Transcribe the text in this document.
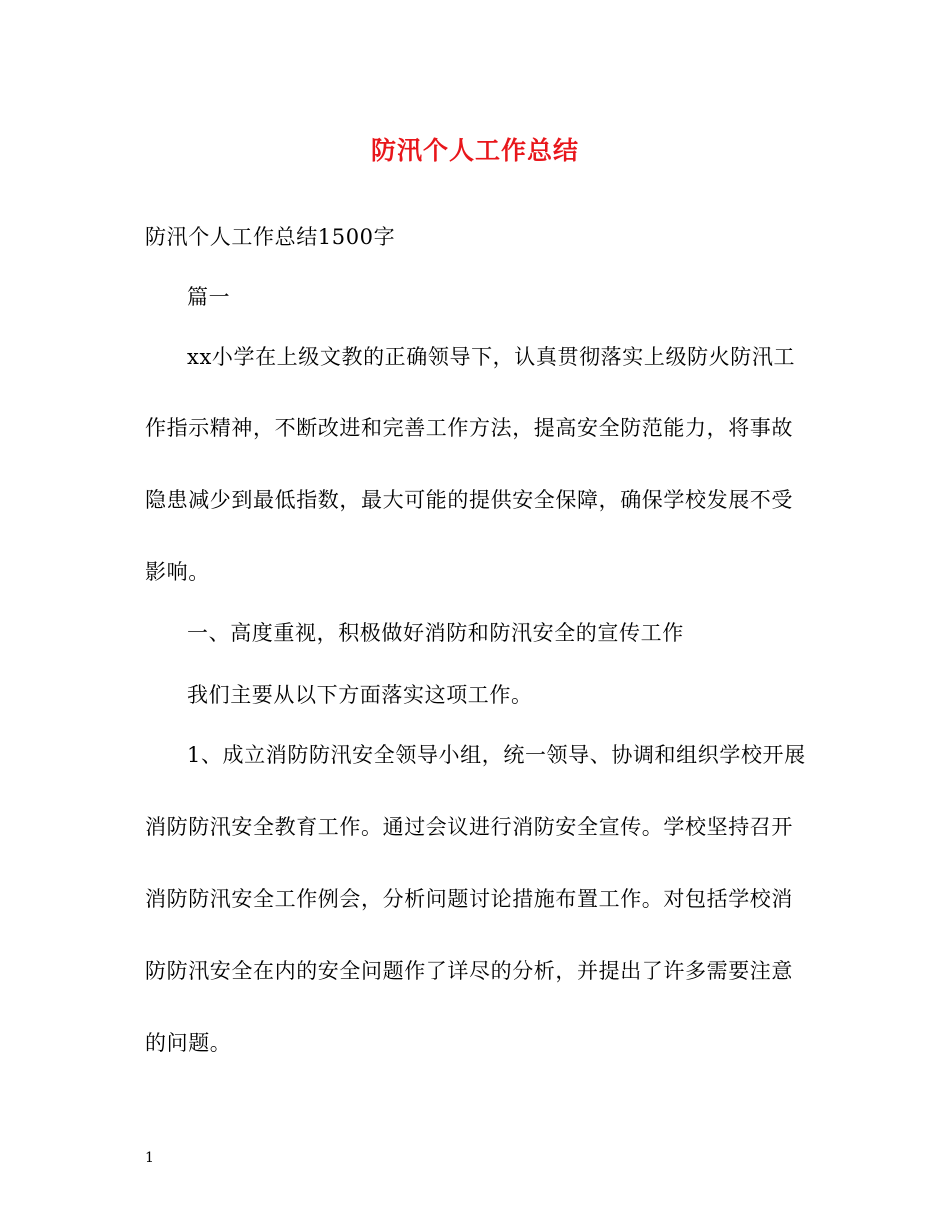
防汛个人工作总结
防汛个人工作总结1500字
篇一
xx小学在上级文教的正确领导下，认真贯彻落实上级防火防汛工
作指示精神，不断改进和完善工作方法，提高安全防范能力，将事故
隐患减少到最低指数，最大可能的提供安全保障，确保学校发展不受
影响。
一、高度重视，积极做好消防和防汛安全的宣传工作
我们主要从以下方面落实这项工作。
1、成立消防防汛安全领导小组，统一领导、协调和组织学校开展
消防防汛安全教育工作。通过会议进行消防安全宣传。学校坚持召开
消防防汛安全工作例会，分析问题讨论措施布置工作。对包括学校消
防防汛安全在内的安全问题作了详尽的分析，并提出了许多需要注意
的问题。
1
